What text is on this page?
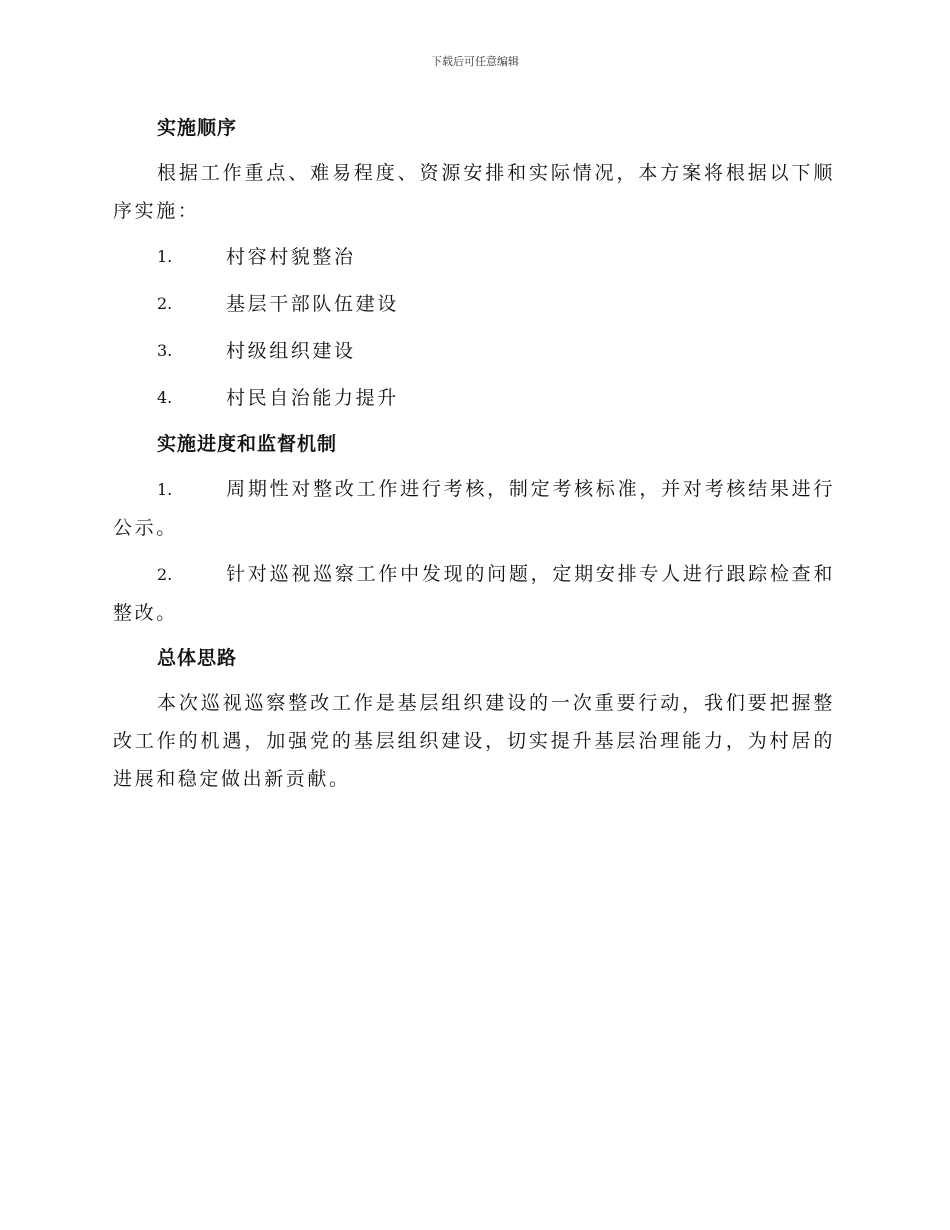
下载后可任意编辑
实施顺序

根据工作重点、难易程度、资源安排和实际情况，本方案将根据以下顺序实施：

1.	村容村貌整治
2.	基层干部队伍建设
3.	村级组织建设
4.	村民自治能力提升
实施进度和监督机制

1.	周期性对整改工作进行考核，制定考核标准，并对考核结果进行公示。

2.	针对巡视巡察工作中发现的问题，定期安排专人进行跟踪检查和整改。

总体思路

本次巡视巡察整改工作是基层组织建设的一次重要行动，我们要把握整改工作的机遇，加强党的基层组织建设，切实提升基层治理能力，为村居的进展和稳定做出新贡献。
